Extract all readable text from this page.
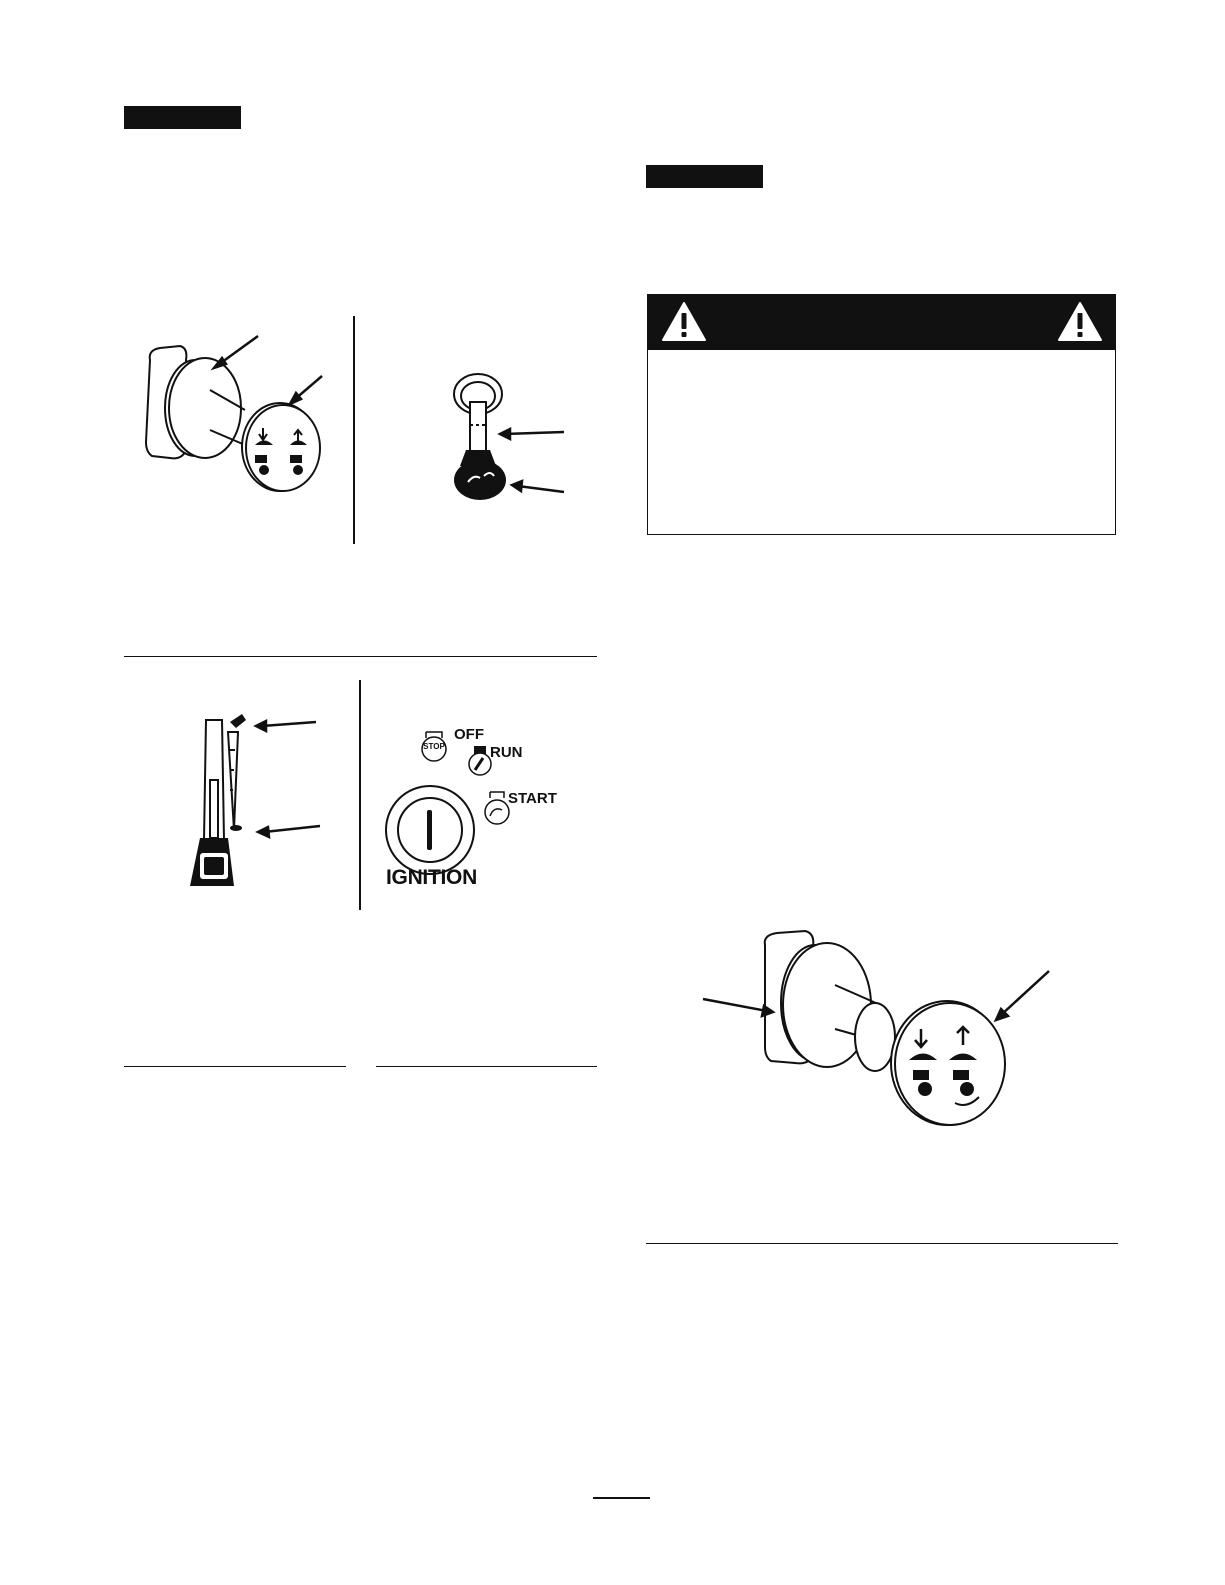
STOP
OFF
RUN
START
IGNITION
